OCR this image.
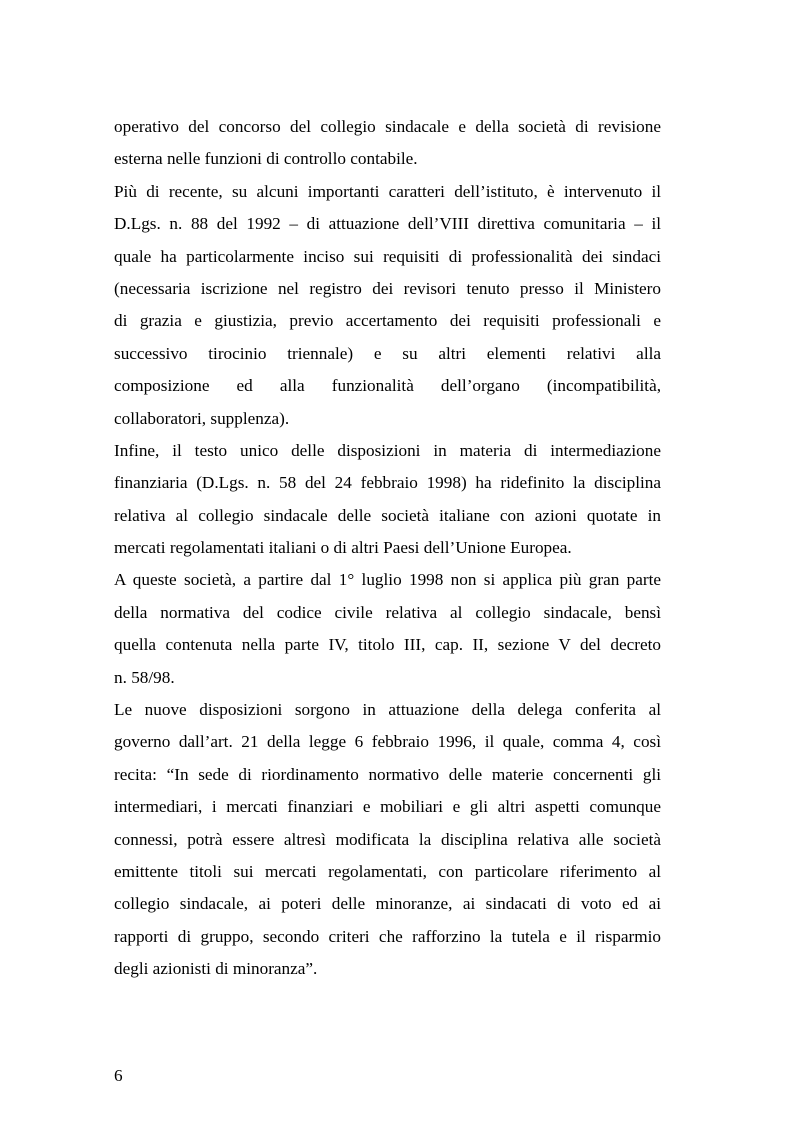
operativo del concorso del collegio sindacale e della società di revisione
esterna nelle funzioni di controllo contabile.

Più di recente, su alcuni importanti caratteri dell’istituto, è intervenuto il
D.Lgs. n. 88 del 1992 – di attuazione dell’VIII direttiva comunitaria – il
quale ha particolarmente inciso sui requisiti di professionalità dei sindaci
(necessaria iscrizione nel registro dei revisori tenuto presso il Ministero
di grazia e giustizia, previo accertamento dei requisiti professionali e
successivo tirocinio triennale) e su altri elementi relativi alla
composizione ed alla funzionalità dell’organo (incompatibilità,
collaboratori, supplenza).

Infine, il testo unico delle disposizioni in materia di intermediazione
finanziaria (D.Lgs. n. 58 del 24 febbraio 1998) ha ridefinito la disciplina
relativa al collegio sindacale delle società italiane con azioni quotate in
mercati regolamentati italiani o di altri Paesi dell’Unione Europea.

A queste società, a partire dal 1° luglio 1998 non si applica più gran parte
della normativa del codice civile relativa al collegio sindacale, bensì
quella contenuta nella parte IV, titolo III, cap. II, sezione V del decreto
n. 58/98.

Le nuove disposizioni sorgono in attuazione della delega conferita al
governo dall’art. 21 della legge 6 febbraio 1996, il quale, comma 4, così
recita: “In sede di riordinamento normativo delle materie concernenti gli
intermediari, i mercati finanziari e mobiliari e gli altri aspetti comunque
connessi, potrà essere altresì modificata la disciplina relativa alle società
emittente titoli sui mercati regolamentati, con particolare riferimento al
collegio sindacale, ai poteri delle minoranze, ai sindacati di voto ed ai
rapporti di gruppo, secondo criteri che rafforzino la tutela e il risparmio
degli azionisti di minoranza”.

6
